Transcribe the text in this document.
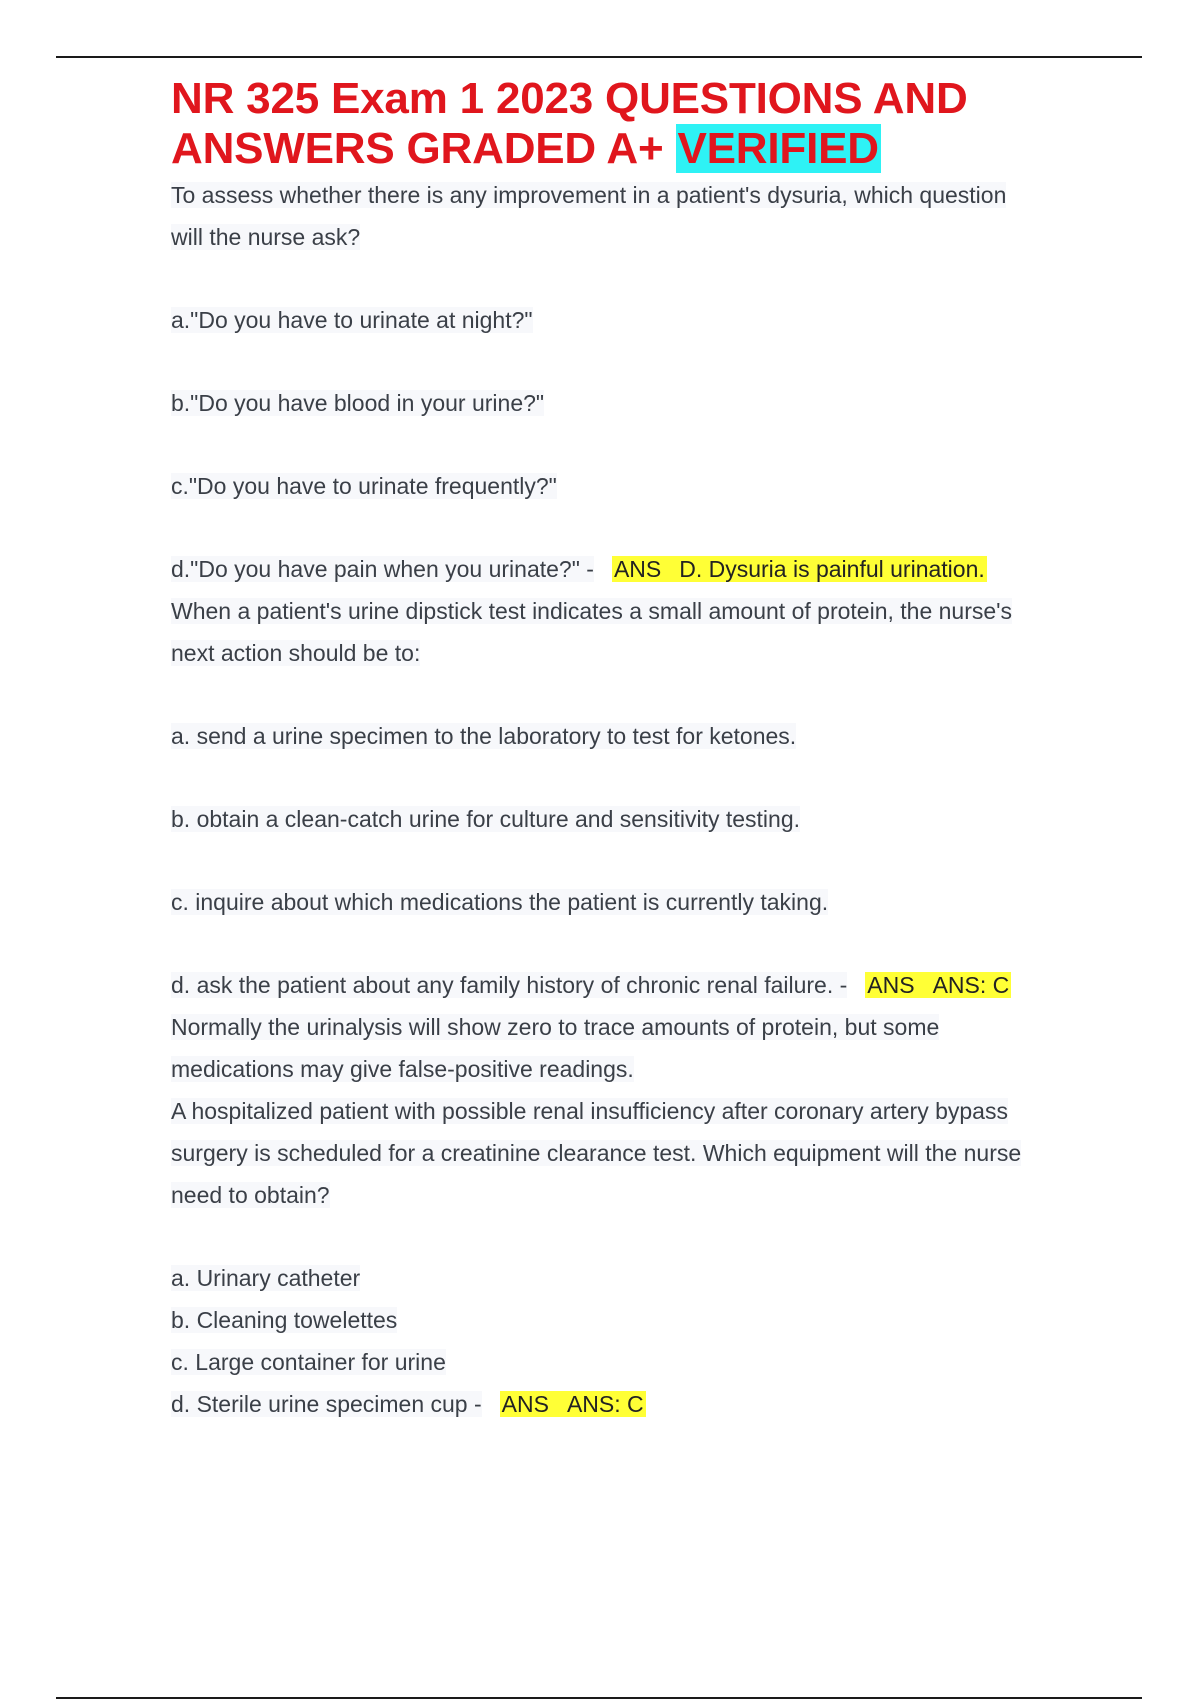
NR 325 Exam 1 2023 QUESTIONS AND ANSWERS GRADED A+ VERIFIED
To assess whether there is any improvement in a patient's dysuria, which question
will the nurse ask?
a."Do you have to urinate at night?"
b."Do you have blood in your urine?"
c."Do you have to urinate frequently?"
d."Do you have pain when you urinate?" - ANS D. Dysuria is painful urination.
When a patient's urine dipstick test indicates a small amount of protein, the nurse's
next action should be to:
a. send a urine specimen to the laboratory to test for ketones.
b. obtain a clean-catch urine for culture and sensitivity testing.
c. inquire about which medications the patient is currently taking.
d. ask the patient about any family history of chronic renal failure. - ANS ANS: C
Normally the urinalysis will show zero to trace amounts of protein, but some
medications may give false-positive readings.
A hospitalized patient with possible renal insufficiency after coronary artery bypass
surgery is scheduled for a creatinine clearance test. Which equipment will the nurse
need to obtain?
a. Urinary catheter
b. Cleaning towelettes
c. Large container for urine
d. Sterile urine specimen cup - ANS ANS: C
